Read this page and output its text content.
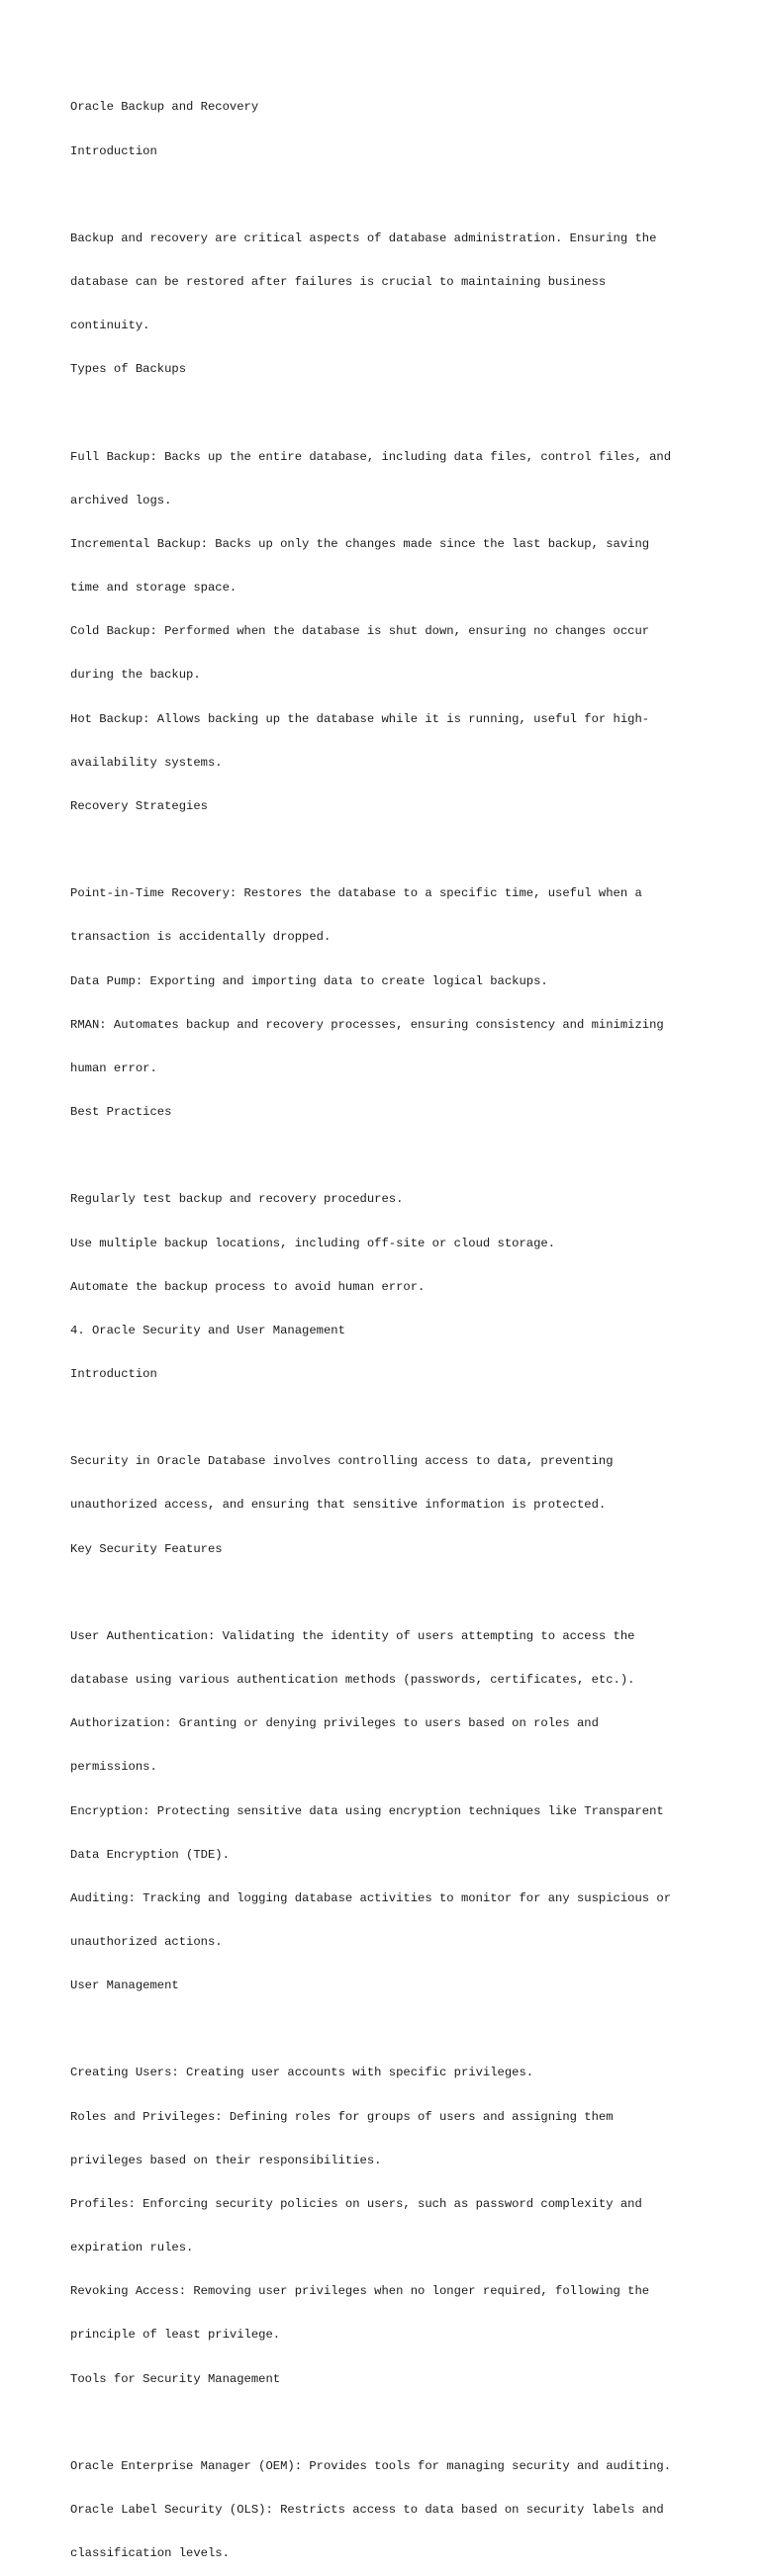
Oracle Backup and Recovery

Introduction

Backup and recovery are critical aspects of database administration. Ensuring the

database can be restored after failures is crucial to maintaining business

continuity.

Types of Backups

Full Backup: Backs up the entire database, including data files, control files, and

archived logs.

Incremental Backup: Backs up only the changes made since the last backup, saving

time and storage space.

Cold Backup: Performed when the database is shut down, ensuring no changes occur

during the backup.

Hot Backup: Allows backing up the database while it is running, useful for high-

availability systems.

Recovery Strategies

Point-in-Time Recovery: Restores the database to a specific time, useful when a

transaction is accidentally dropped.

Data Pump: Exporting and importing data to create logical backups.

RMAN: Automates backup and recovery processes, ensuring consistency and minimizing

human error.

Best Practices

Regularly test backup and recovery procedures.

Use multiple backup locations, including off-site or cloud storage.

Automate the backup process to avoid human error.

4. Oracle Security and User Management

Introduction

Security in Oracle Database involves controlling access to data, preventing

unauthorized access, and ensuring that sensitive information is protected.

Key Security Features

User Authentication: Validating the identity of users attempting to access the

database using various authentication methods (passwords, certificates, etc.).

Authorization: Granting or denying privileges to users based on roles and

permissions.

Encryption: Protecting sensitive data using encryption techniques like Transparent

Data Encryption (TDE).

Auditing: Tracking and logging database activities to monitor for any suspicious or

unauthorized actions.

User Management

Creating Users: Creating user accounts with specific privileges.

Roles and Privileges: Defining roles for groups of users and assigning them

privileges based on their responsibilities.

Profiles: Enforcing security policies on users, such as password complexity and

expiration rules.

Revoking Access: Removing user privileges when no longer required, following the

principle of least privilege.

Tools for Security Management

Oracle Enterprise Manager (OEM): Provides tools for managing security and auditing.

Oracle Label Security (OLS): Restricts access to data based on security labels and

classification levels.
